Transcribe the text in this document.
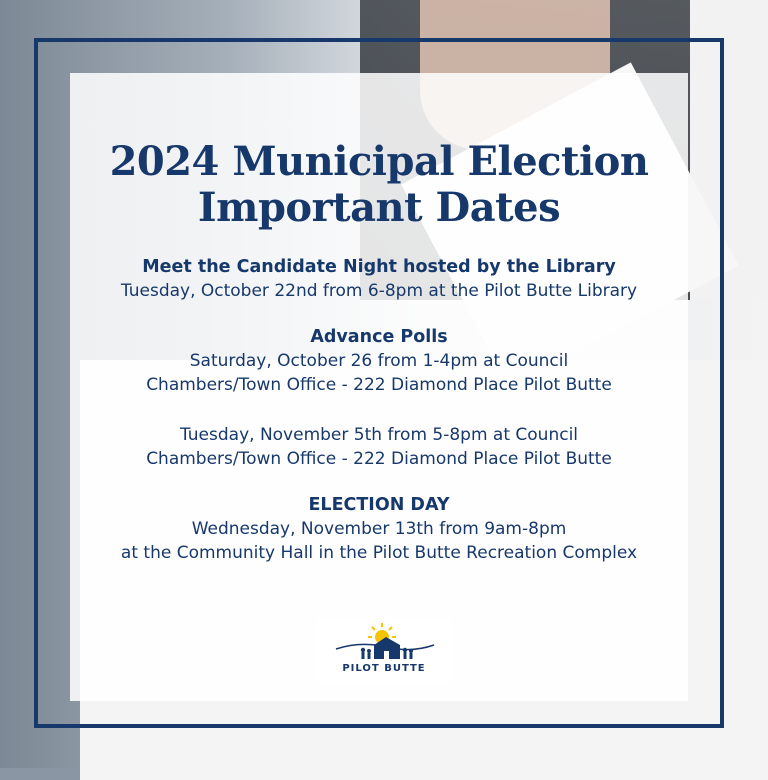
2024 Municipal Election
Important Dates
Meet the Candidate Night hosted by the Library

Tuesday, October 22nd from 6-8pm at the Pilot Butte Library

Advance Polls

Saturday, October 26 from 1-4pm at Council

Chambers/Town Office - 222 Diamond Place Pilot Butte

Tuesday, November 5th from 5-8pm at Council

Chambers/Town Office - 222 Diamond Place Pilot Butte

ELECTION DAY

Wednesday, November 13th from 9am-8pm

at the Community Hall in the Pilot Butte Recreation Complex

PILOT BUTTE
